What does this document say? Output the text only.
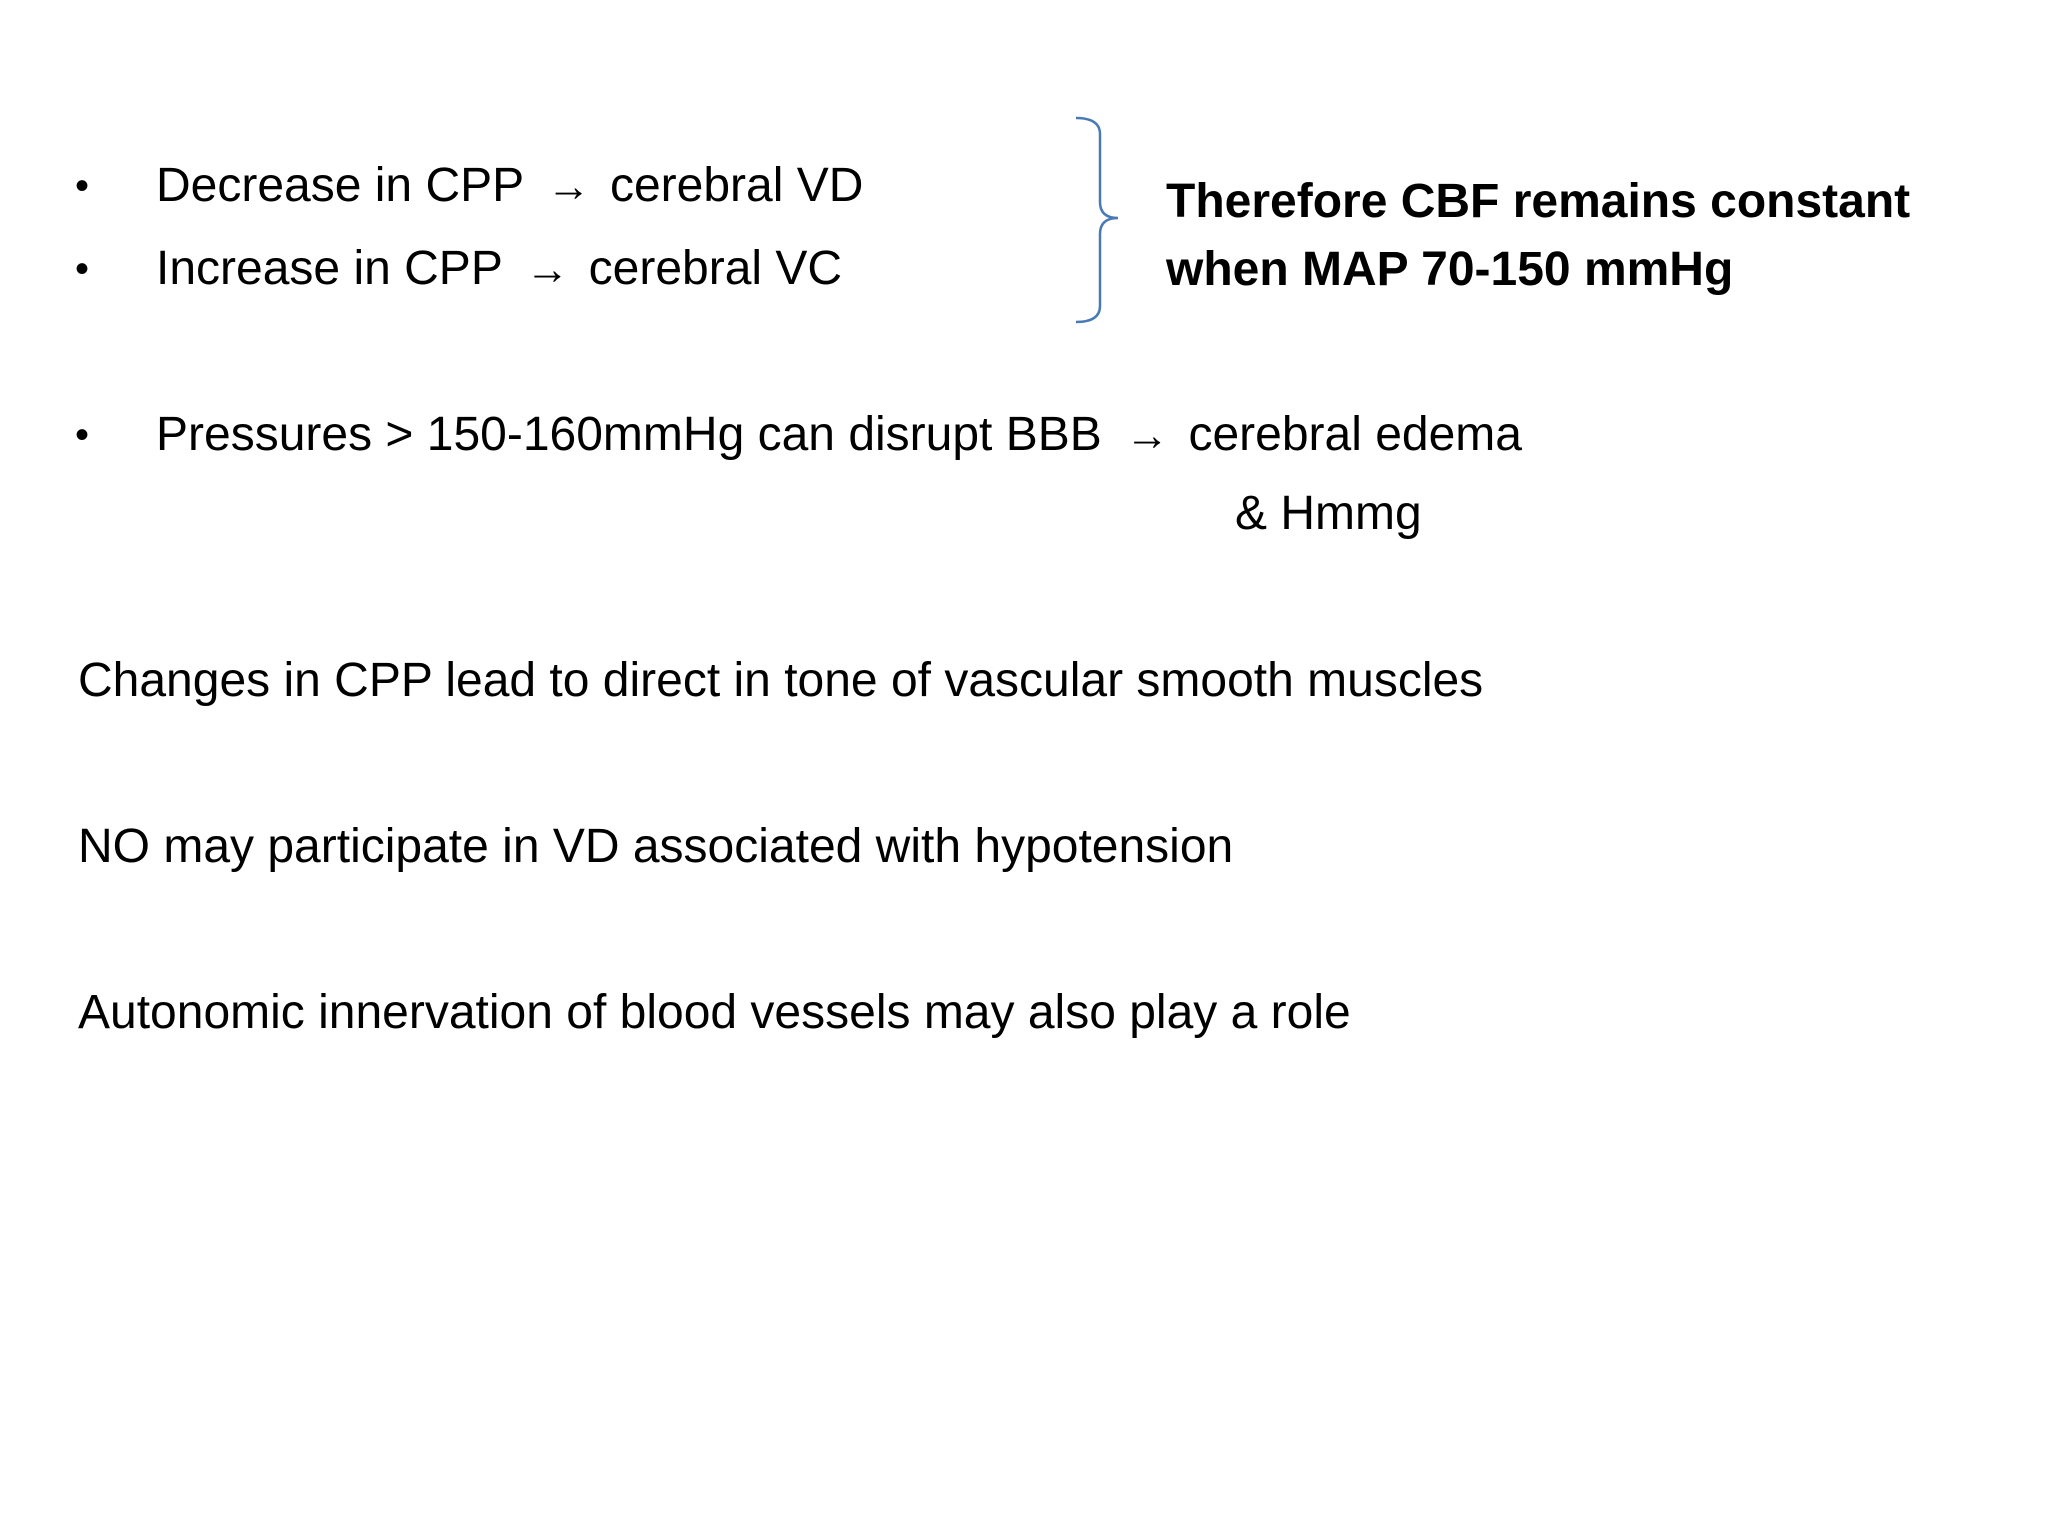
•	Decrease in CPP → cerebral VD
•	Increase in CPP → cerebral VC
Therefore CBF remains constant
when MAP 70-150 mmHg
•	Pressures > 150-160mmHg can disrupt BBB → cerebral edema
& Hmmg
Changes in CPP lead to direct in tone of vascular smooth muscles
NO may participate in VD associated with hypotension
Autonomic innervation of blood vessels may also play a role
